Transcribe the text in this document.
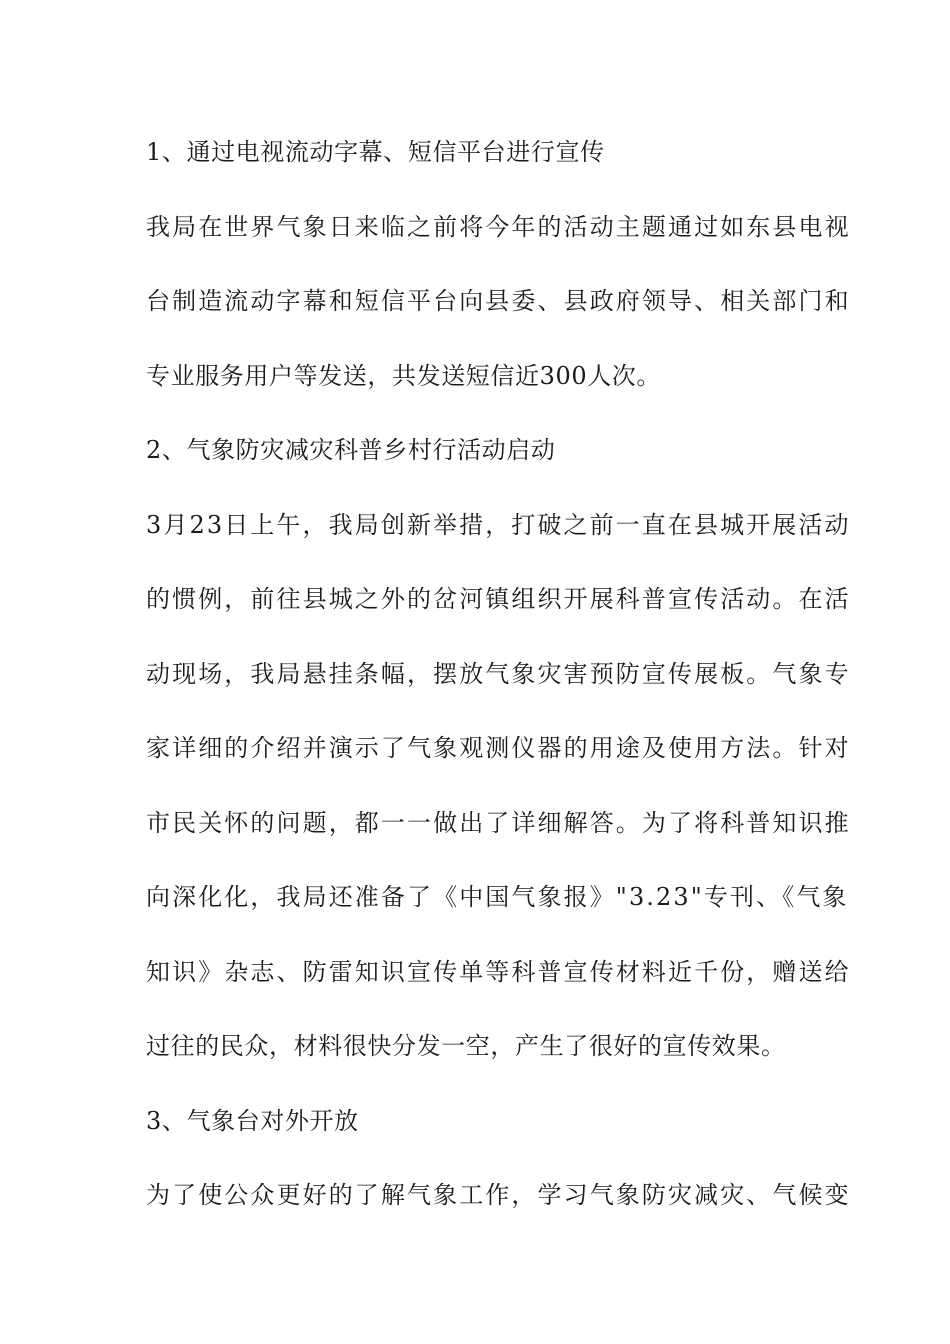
1、通过电视流动字幕、短信平台进行宣传
我局在世界气象日来临之前将今年的活动主题通过如东县电视
台制造流动字幕和短信平台向县委、县政府领导、相关部门和
专业服务用户等发送，共发送短信近300人次。
2、气象防灾减灾科普乡村行活动启动
3月23日上午，我局创新举措，打破之前一直在县城开展活动
的惯例，前往县城之外的岔河镇组织开展科普宣传活动。在活
动现场，我局悬挂条幅，摆放气象灾害预防宣传展板。气象专
家详细的介绍并演示了气象观测仪器的用途及使用方法。针对
市民关怀的问题，都一一做出了详细解答。为了将科普知识推
向深化化，我局还准备了《中国气象报》"3.23"专刊、《气象
知识》杂志、防雷知识宣传单等科普宣传材料近千份，赠送给
过往的民众，材料很快分发一空，产生了很好的宣传效果。
3、气象台对外开放
为了使公众更好的了解气象工作，学习气象防灾减灾、气候变
